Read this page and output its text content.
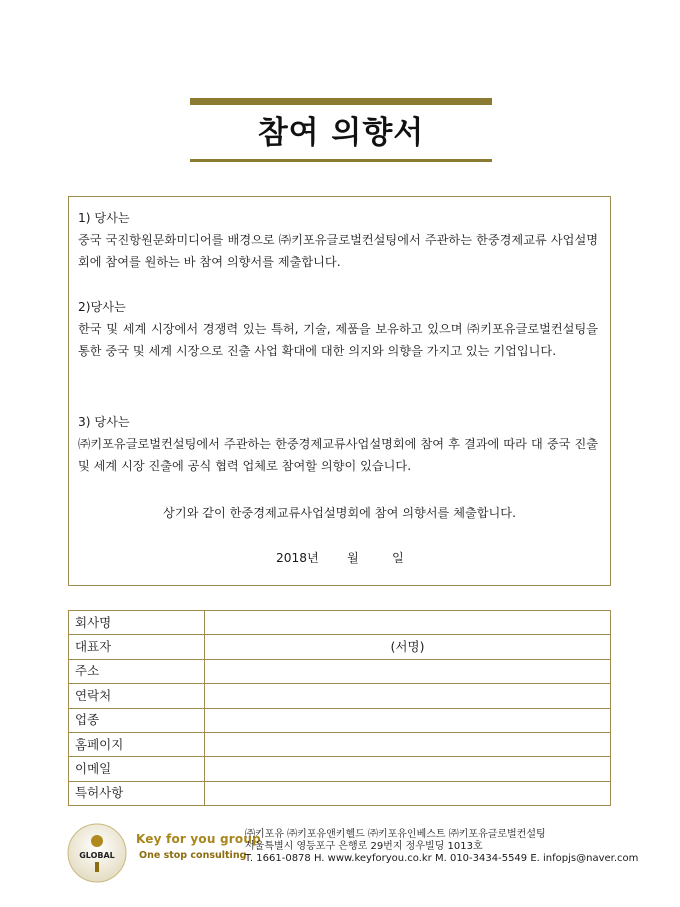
참여 의향서
1) 당사는
중국 국진항원문화미디어를 배경으로 ㈜키포유글로벌컨설팅에서 주관하는 한중경제교류 사업설명회에 참여를 원하는 바 참여 의향서를 제출합니다.
2)당사는
한국 및 세계 시장에서 경쟁력 있는 특허, 기술, 제품을 보유하고 있으며 ㈜키포유글로벌컨설팅을 통한 중국 및 세계 시장으로 진출 사업 확대에 대한 의지와 의향을 가지고 있는 기업입니다.
3) 당사는
㈜키포유글로벌컨설팅에서 주관하는 한중경제교류사업설명회에 참여 후 결과에 따라 대 중국 진출 및 세계 시장 진출에 공식 협력 업체로 참여할 의향이 있습니다.
상기와 같이 한중경제교류사업설명회에 참여 의향서를 체출합니다.
2018년 월	일
회사명	
대표자	(서명)
주소	
연락처	
업종	
홈페이지	
이메일	
특허사항	
GLOBAL
Key for you group
One stop consulting
㈜키포유 ㈜키포유앤키헬드 ㈜키포유인베스트 ㈜키포유글로벌컨설팅
서울특별시 영등포구 은행로 29번지 정우빌딩 1013호
T. 1661-0878 H. www.keyforyou.co.kr M. 010-3434-5549 E. infopjs@naver.com
